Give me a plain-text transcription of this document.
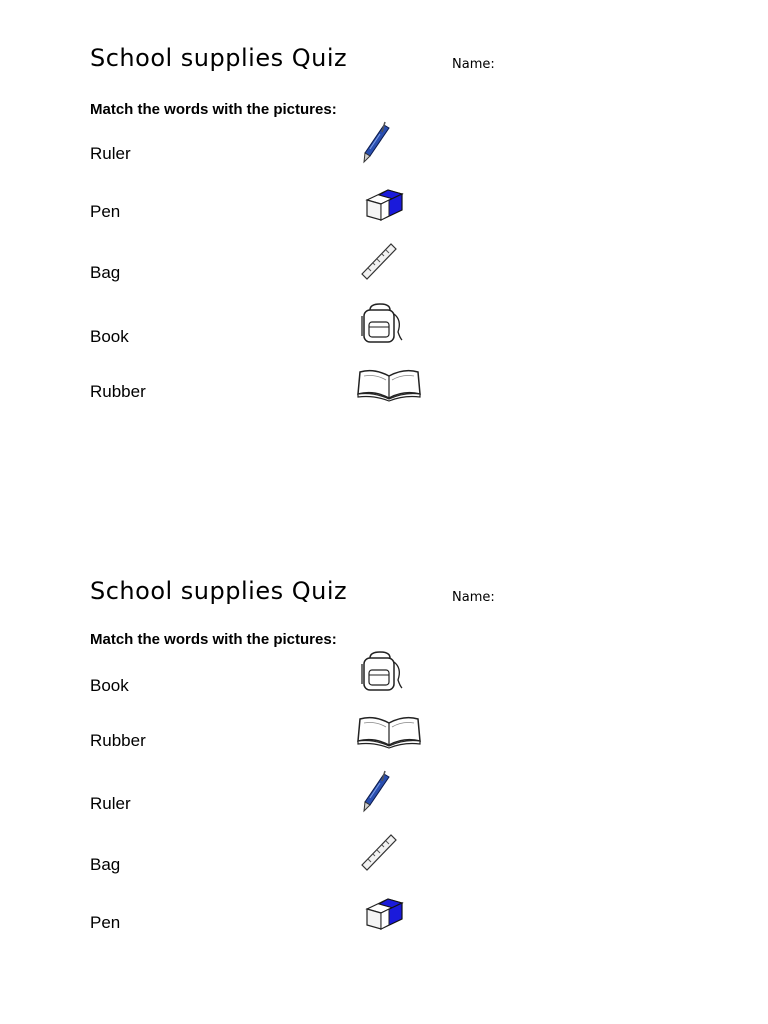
School supplies Quiz	Name:
Match the words with the pictures:
Ruler
Pen
Bag
Book
Rubber
School supplies Quiz	Name:
Match the words with the pictures:
Book
Rubber
Ruler
Bag
Pen
